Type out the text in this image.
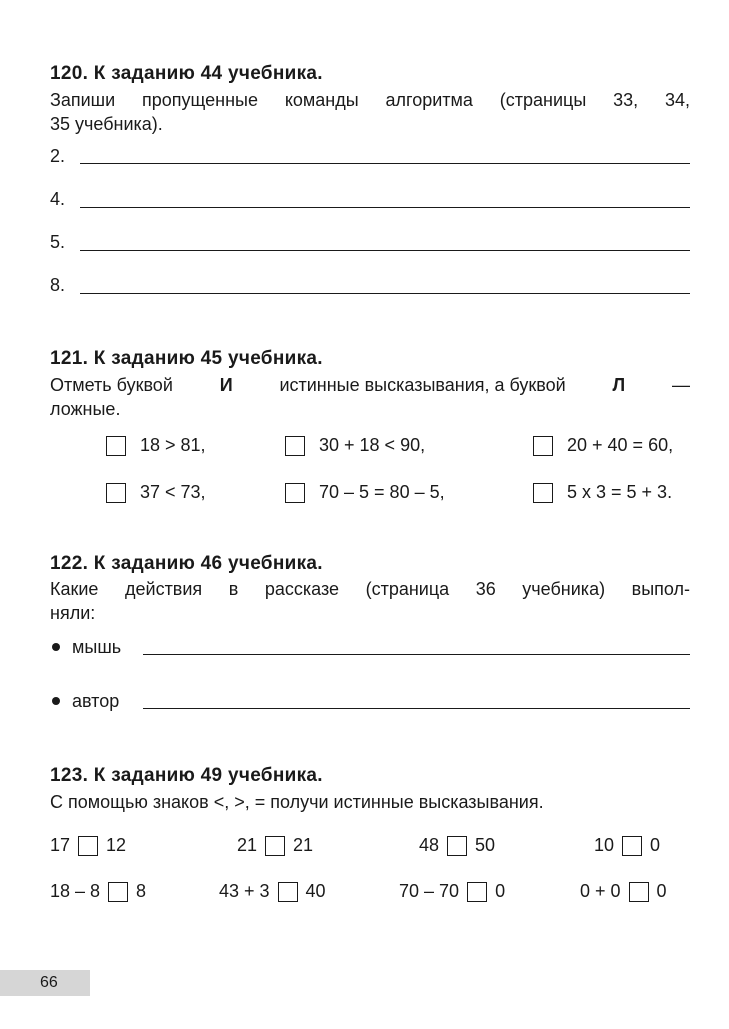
120. К заданию 44 учебника.
Запиши пропущенные команды алгоритма (страницы 33, 34,
35 учебника).
2.
4.
5.
8.
121. К заданию 45 учебника.
Отметь буквой	И	истинные высказывания, а буквой	Л	—
ложные.
18 > 81,	30 + 18 < 90,	20 + 40 = 60,
37 < 73,	70 – 5 = 80 – 5,	5 x 3 = 5 + 3.
122. К заданию 46 учебника.
Какие действия в рассказе (страница 36 учебника) выпол-
няли:
мышь
автор
123. К заданию 49 учебника.
С помощью знаков <, >, = получи истинные высказывания.
17 12	21 21	48 50	10 0
18 – 8 8	43 + 3 40	70 – 70 0	0 + 0 0
66
